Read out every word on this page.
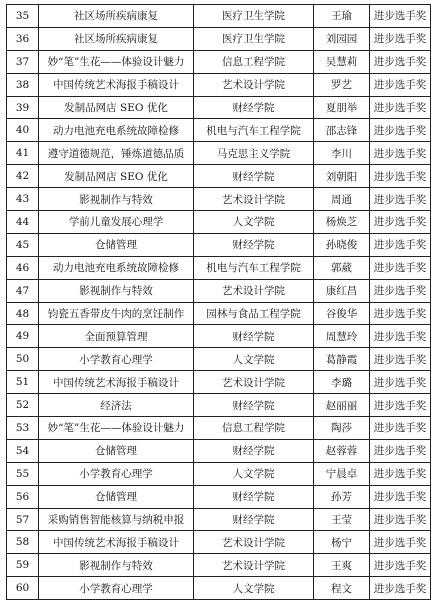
35	社区场所疾病康复	医疗卫生学院	王瑜	进步选手奖
36	社区场所疾病康复	医疗卫生学院	刘园园	进步选手奖
37	妙“笔”生花——体验设计魅力	信息工程学院	吴慧莉	进步选手奖
38	中国传统艺术海报手稿设计	艺术设计学院	罗艺	进步选手奖
39	发制品网店 SEO 优化	财经学院	夏朋举	进步选手奖
40	动力电池充电系统故障检修	机电与汽车工程学院	邵志锋	进步选手奖
41	遵守道德规范，锤炼道德品质	马克思主义学院	李川	进步选手奖
42	发制品网店 SEO 优化	财经学院	刘朝阳	进步选手奖
43	影视制作与特效	艺术设计学院	周通	进步选手奖
44	学前儿童发展心理学	人文学院	杨焕芝	进步选手奖
45	仓储管理	财经学院	孙晓俊	进步选手奖
46	动力电池充电系统故障检修	机电与汽车工程学院	郭葳	进步选手奖
47	影视制作与特效	艺术设计学院	康红昌	进步选手奖
48	钧瓷五香带皮牛肉的烹饪制作	园林与食品工程学院	谷俊华	进步选手奖
49	全面预算管理	财经学院	周慧玲	进步选手奖
50	小学教育心理学	人文学院	葛静霞	进步选手奖
51	中国传统艺术海报手稿设计	艺术设计学院	李璐	进步选手奖
52	经济法	财经学院	赵丽丽	进步选手奖
53	妙“笔”生花——体验设计魅力	信息工程学院	陶莎	进步选手奖
54	仓储管理	财经学院	赵蓉蓉	进步选手奖
55	小学教育心理学	人文学院	宁晨卓	进步选手奖
56	仓储管理	财经学院	孙芳	进步选手奖
57	采购销售智能核算与纳税申报	财经学院	王莹	进步选手奖
58	中国传统艺术海报手稿设计	艺术设计学院	杨宁	进步选手奖
59	影视制作与特效	艺术设计学院	王爽	进步选手奖
60	小学教育心理学	人文学院	程文	进步选手奖
